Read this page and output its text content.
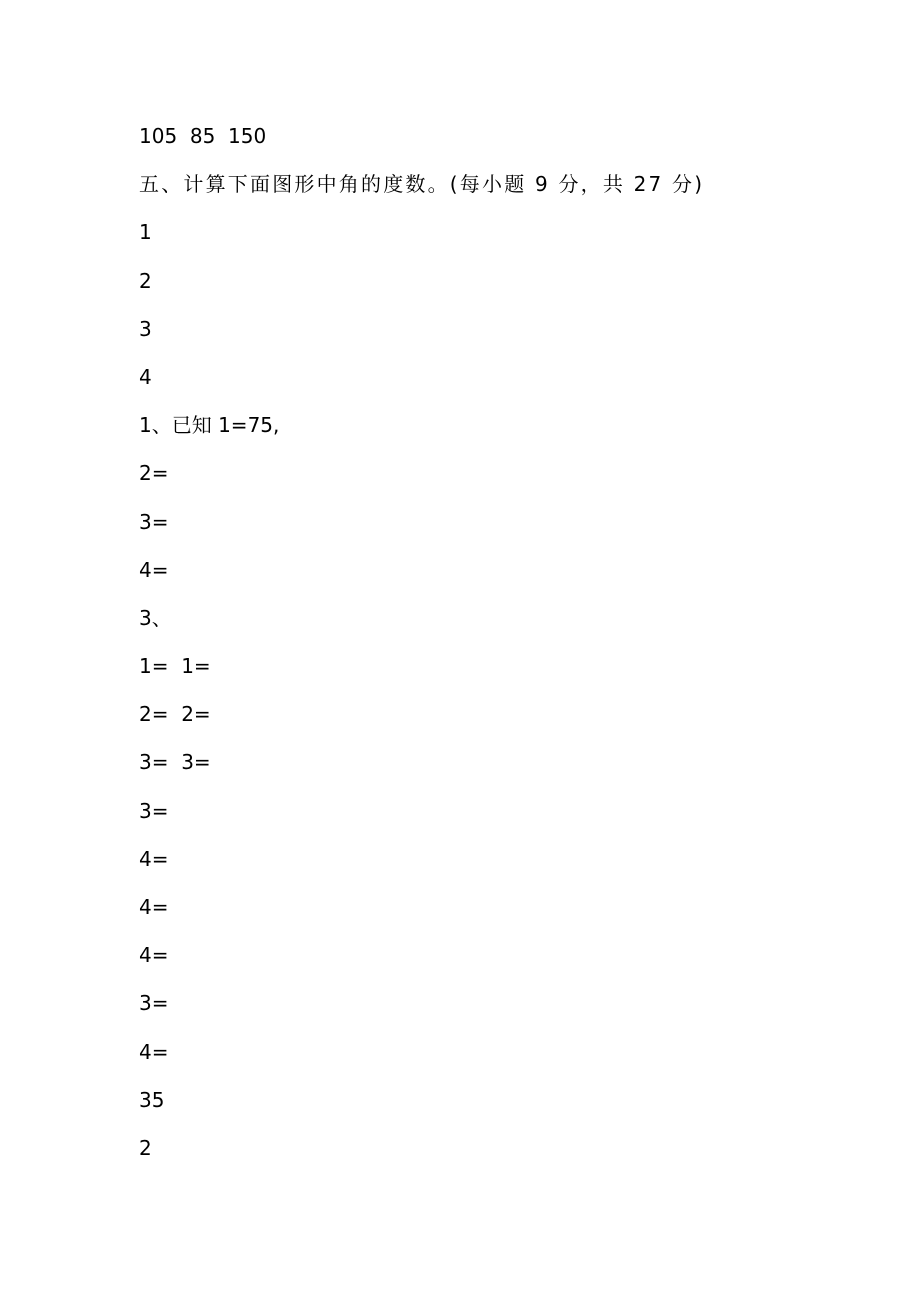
105  85  150
五、计算下面图形中角的度数。(每小题 9 分，共 27 分)
1
2
3
4
1、已知 1=75,
2=
3=
4=
3、
1=  1=
2=  2=
3=  3=
3=
4=
4=
4=
3=
4=
35
2
